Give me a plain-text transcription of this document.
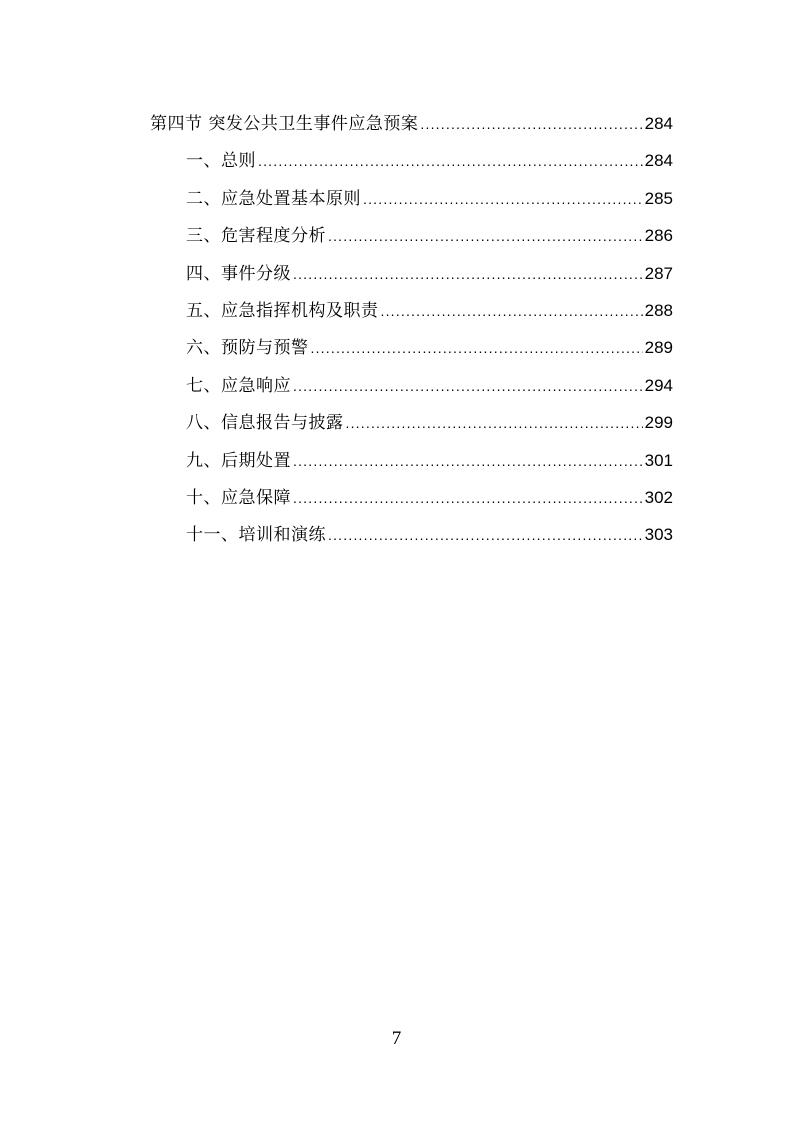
第四节 突发公共卫生事件应急预案 .....	284
一、总则 .....	284
二、应急处置基本原则 .....	285
三、危害程度分析 .....	286
四、事件分级 .....	287
五、应急指挥机构及职责 .....	288
六、预防与预警 .....	289
七、应急响应 .....	294
八、信息报告与披露 .....	299
九、后期处置 .....	301
十、应急保障 .....	302
十一、培训和演练 .....	303
7
